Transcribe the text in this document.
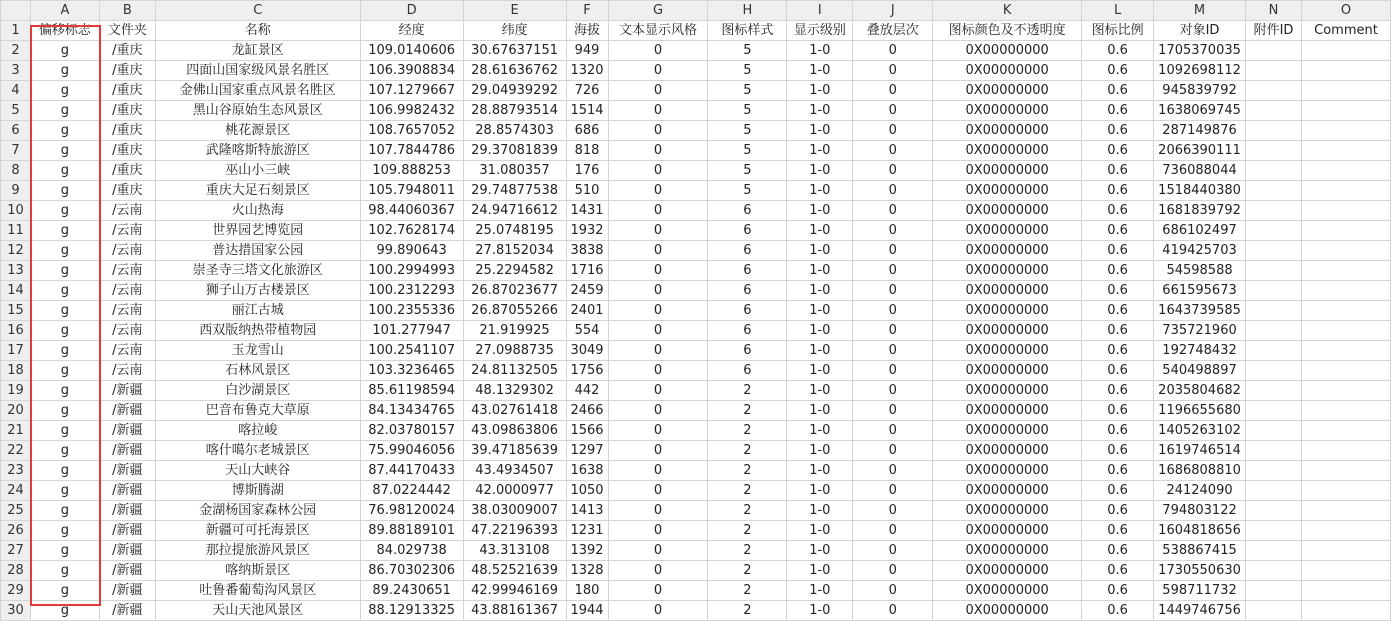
	A	B	C	D	E	F	G	H	I	J	K	L	M	N	O
1	偏移标志	文件夹	名称	经度	纬度	海拔	文本显示风格	图标样式	显示级别	叠放层次	图标颜色及不透明度	图标比例	对象ID	附件ID	Comment
2	g	/重庆	龙缸景区	109.0140606	30.67637151	949	0	5	1-0	0	0X00000000	0.6	1705370035		
3	g	/重庆	四面山国家级风景名胜区	106.3908834	28.61636762	1320	0	5	1-0	0	0X00000000	0.6	1092698112		
4	g	/重庆	金佛山国家重点风景名胜区	107.1279667	29.04939292	726	0	5	1-0	0	0X00000000	0.6	945839792		
5	g	/重庆	黑山谷原始生态风景区	106.9982432	28.88793514	1514	0	5	1-0	0	0X00000000	0.6	1638069745		
6	g	/重庆	桃花源景区	108.7657052	28.8574303	686	0	5	1-0	0	0X00000000	0.6	287149876		
7	g	/重庆	武隆喀斯特旅游区	107.7844786	29.37081839	818	0	5	1-0	0	0X00000000	0.6	2066390111		
8	g	/重庆	巫山小三峡	109.888253	31.080357	176	0	5	1-0	0	0X00000000	0.6	736088044		
9	g	/重庆	重庆大足石刻景区	105.7948011	29.74877538	510	0	5	1-0	0	0X00000000	0.6	1518440380		
10	g	/云南	火山热海	98.44060367	24.94716612	1431	0	6	1-0	0	0X00000000	0.6	1681839792		
11	g	/云南	世界园艺博览园	102.7628174	25.0748195	1932	0	6	1-0	0	0X00000000	0.6	686102497		
12	g	/云南	普达措国家公园	99.890643	27.8152034	3838	0	6	1-0	0	0X00000000	0.6	419425703		
13	g	/云南	崇圣寺三塔文化旅游区	100.2994993	25.2294582	1716	0	6	1-0	0	0X00000000	0.6	54598588		
14	g	/云南	狮子山万古楼景区	100.2312293	26.87023677	2459	0	6	1-0	0	0X00000000	0.6	661595673		
15	g	/云南	丽江古城	100.2355336	26.87055266	2401	0	6	1-0	0	0X00000000	0.6	1643739585		
16	g	/云南	西双版纳热带植物园	101.277947	21.919925	554	0	6	1-0	0	0X00000000	0.6	735721960		
17	g	/云南	玉龙雪山	100.2541107	27.0988735	3049	0	6	1-0	0	0X00000000	0.6	192748432		
18	g	/云南	石林风景区	103.3236465	24.81132505	1756	0	6	1-0	0	0X00000000	0.6	540498897		
19	g	/新疆	白沙湖景区	85.61198594	48.1329302	442	0	2	1-0	0	0X00000000	0.6	2035804682		
20	g	/新疆	巴音布鲁克大草原	84.13434765	43.02761418	2466	0	2	1-0	0	0X00000000	0.6	1196655680		
21	g	/新疆	喀拉峻	82.03780157	43.09863806	1566	0	2	1-0	0	0X00000000	0.6	1405263102		
22	g	/新疆	喀什噶尔老城景区	75.99046056	39.47185639	1297	0	2	1-0	0	0X00000000	0.6	1619746514		
23	g	/新疆	天山大峡谷	87.44170433	43.4934507	1638	0	2	1-0	0	0X00000000	0.6	1686808810		
24	g	/新疆	博斯腾湖	87.0224442	42.0000977	1050	0	2	1-0	0	0X00000000	0.6	24124090		
25	g	/新疆	金湖杨国家森林公园	76.98120024	38.03009007	1413	0	2	1-0	0	0X00000000	0.6	794803122		
26	g	/新疆	新疆可可托海景区	89.88189101	47.22196393	1231	0	2	1-0	0	0X00000000	0.6	1604818656		
27	g	/新疆	那拉提旅游风景区	84.029738	43.313108	1392	0	2	1-0	0	0X00000000	0.6	538867415		
28	g	/新疆	喀纳斯景区	86.70302306	48.52521639	1328	0	2	1-0	0	0X00000000	0.6	1730550630		
29	g	/新疆	吐鲁番葡萄沟风景区	89.2430651	42.99946169	180	0	2	1-0	0	0X00000000	0.6	598711732		
30	g	/新疆	天山天池风景区	88.12913325	43.88161367	1944	0	2	1-0	0	0X00000000	0.6	1449746756		
